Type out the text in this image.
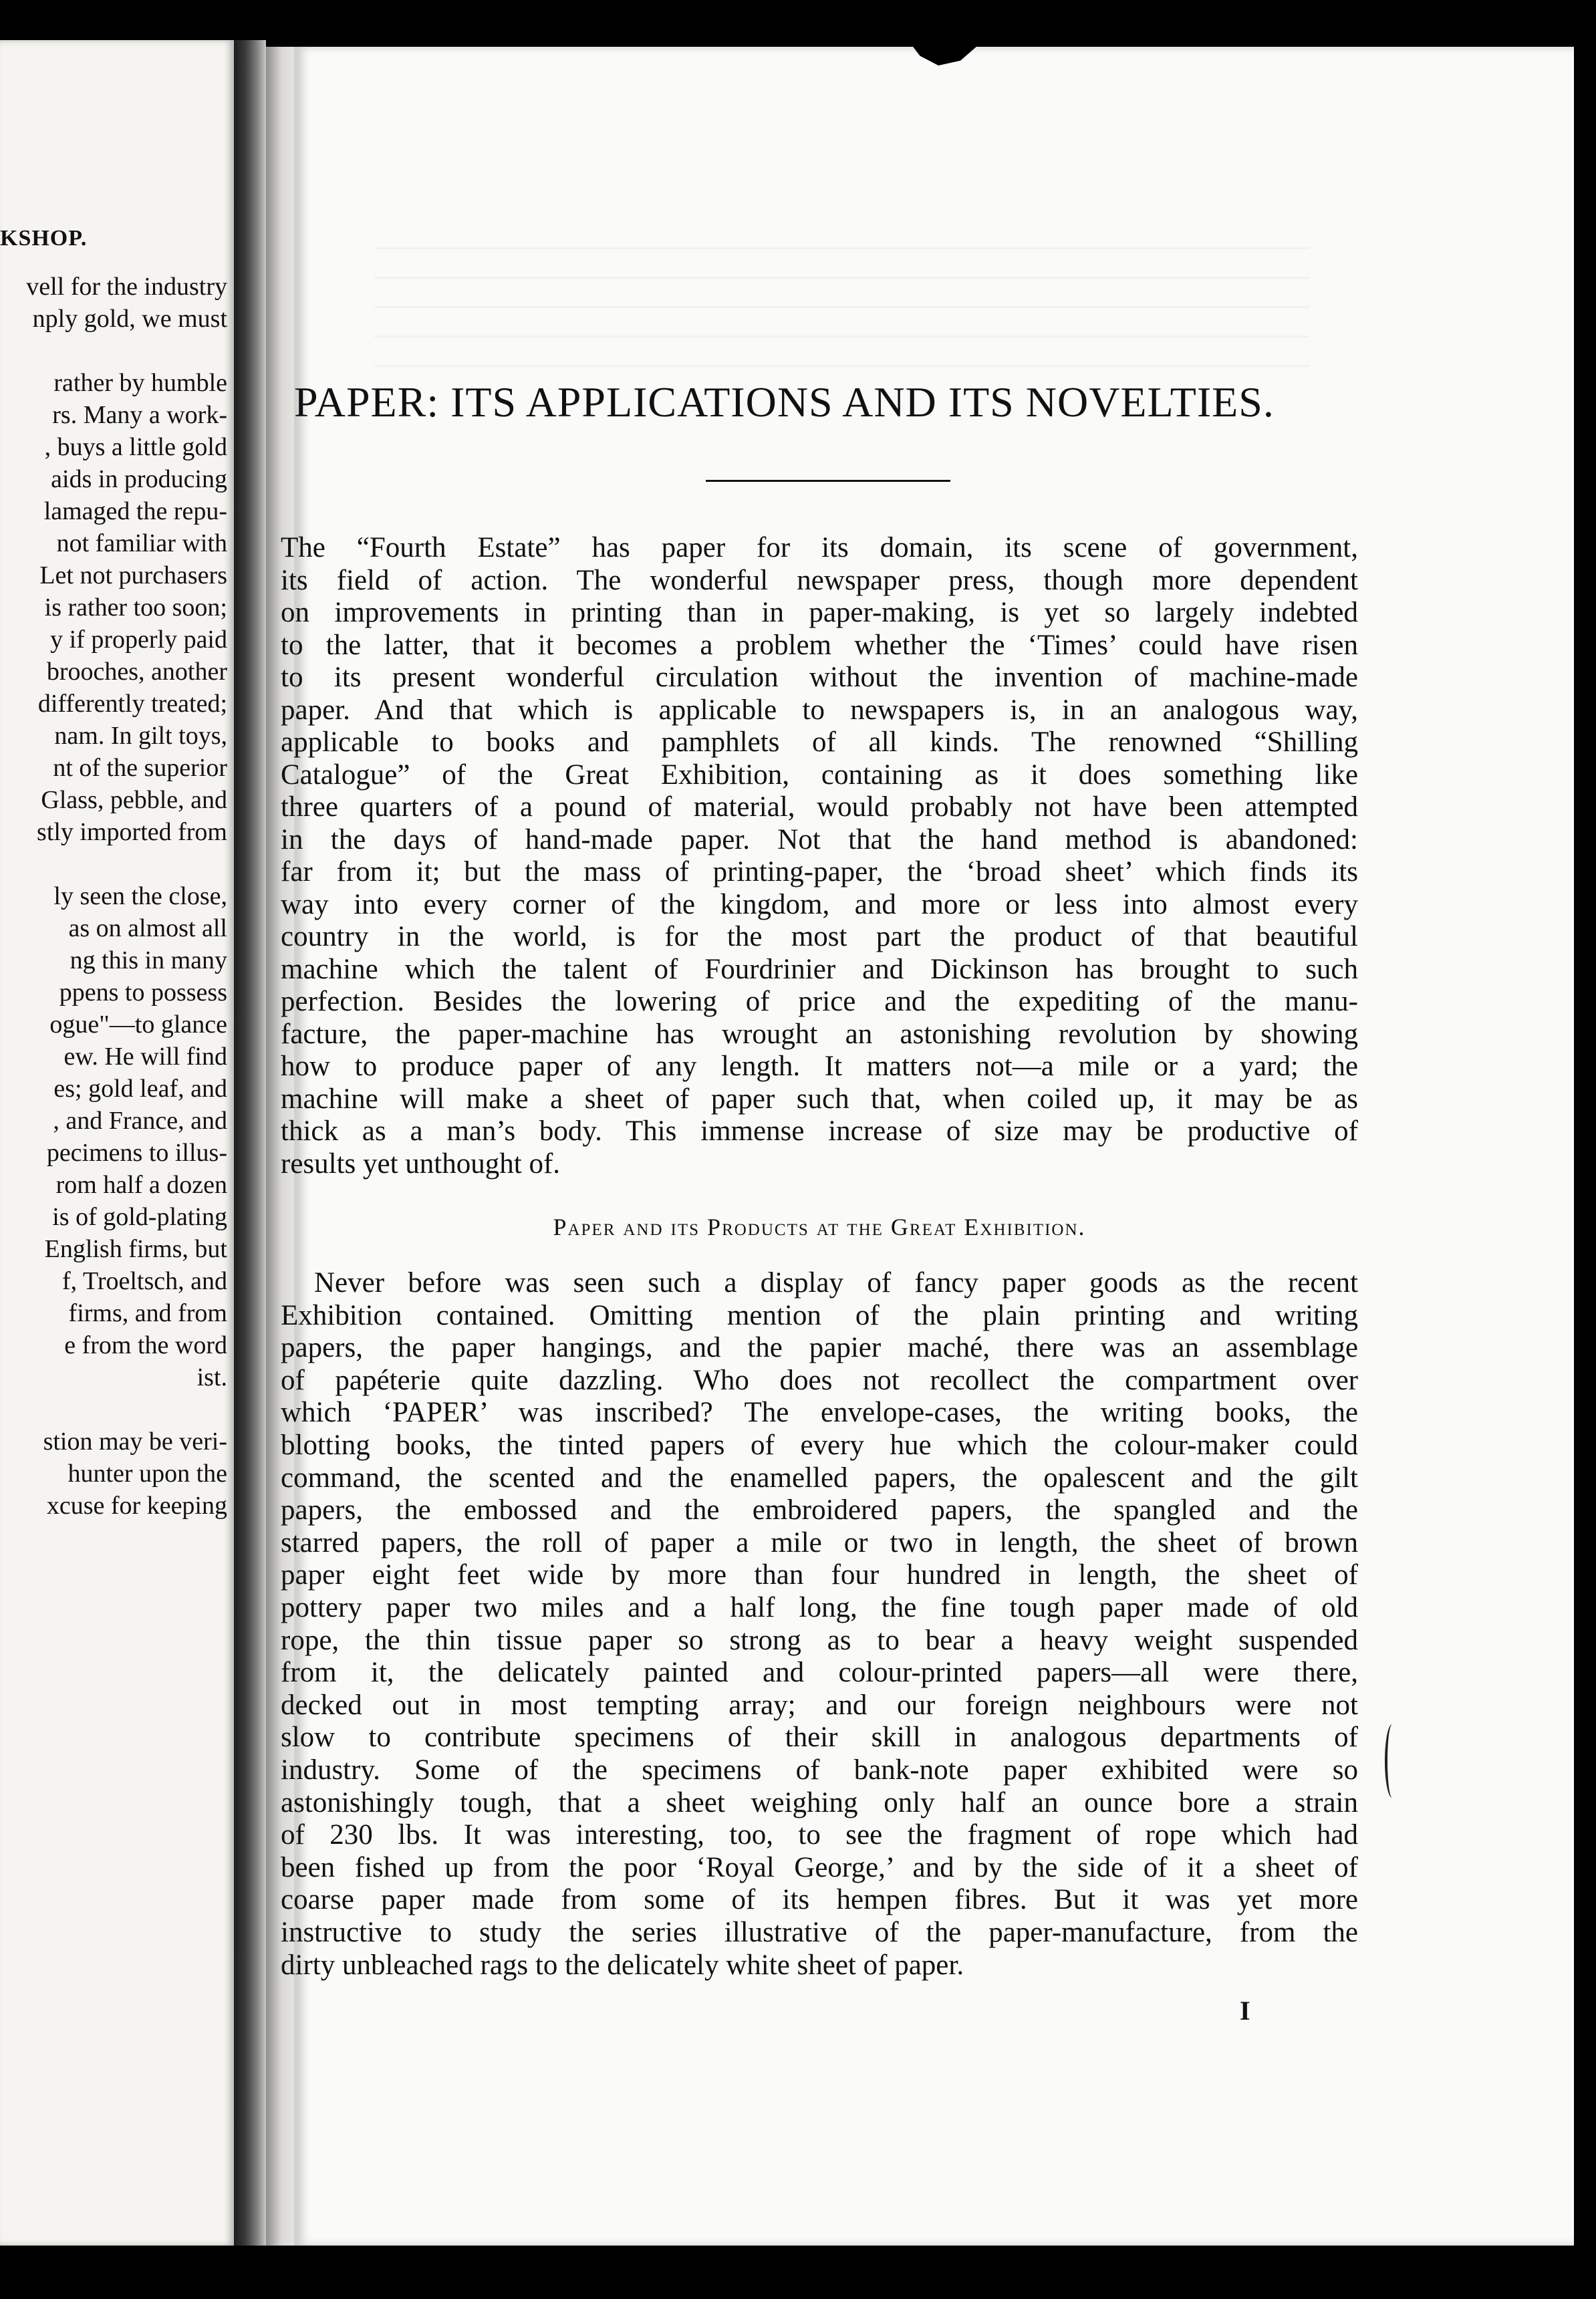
KSHOP.
vell for the industry
nply gold, we must
rather by humble
rs. Many a work-
, buys a little gold
aids in producing
lamaged the repu-
not familiar with
Let not purchasers
is rather too soon;
y if properly paid
brooches, another
differently treated;
nam. In gilt toys,
nt of the superior
Glass, pebble, and
stly imported from
ly seen the close,
as on almost all
ng this in many
ppens to possess
ogue"—to glance
ew. He will find
es; gold leaf, and
, and France, and
pecimens to illus-
rom half a dozen
is of gold-plating
English firms, but
f, Troeltsch, and
firms, and from
e from the word
ist.
stion may be veri-
hunter upon the
xcuse for keeping
PAPER: ITS APPLICATIONS AND ITS NOVELTIES.
The “Fourth Estate” has paper for its domain, its scene of government,
its field of action. The wonderful newspaper press, though more dependent
on improvements in printing than in paper-making, is yet so largely indebted
to the latter, that it becomes a problem whether the ‘Times’ could have risen
to its present wonderful circulation without the invention of machine-made
paper. And that which is applicable to newspapers is, in an analogous way,
applicable to books and pamphlets of all kinds. The renowned “Shilling
Catalogue” of the Great Exhibition, containing as it does something like
three quarters of a pound of material, would probably not have been attempted
in the days of hand-made paper. Not that the hand method is abandoned:
far from it; but the mass of printing-paper, the ‘broad sheet’ which finds its
way into every corner of the kingdom, and more or less into almost every
country in the world, is for the most part the product of that beautiful
machine which the talent of Fourdrinier and Dickinson has brought to such
perfection. Besides the lowering of price and the expediting of the manu-
facture, the paper-machine has wrought an astonishing revolution by showing
how to produce paper of any length. It matters not—a mile or a yard; the
machine will make a sheet of paper such that, when coiled up, it may be as
thick as a man’s body. This immense increase of size may be productive of
results yet unthought of.
Paper and its Products at the Great Exhibition.
Never before was seen such a display of fancy paper goods as the recent
Exhibition contained. Omitting mention of the plain printing and writing
papers, the paper hangings, and the papier maché, there was an assemblage
of papéterie quite dazzling. Who does not recollect the compartment over
which ‘PAPER’ was inscribed? The envelope-cases, the writing books, the
blotting books, the tinted papers of every hue which the colour-maker could
command, the scented and the enamelled papers, the opalescent and the gilt
papers, the embossed and the embroidered papers, the spangled and the
starred papers, the roll of paper a mile or two in length, the sheet of brown
paper eight feet wide by more than four hundred in length, the sheet of
pottery paper two miles and a half long, the fine tough paper made of old
rope, the thin tissue paper so strong as to bear a heavy weight suspended
from it, the delicately painted and colour-printed papers—all were there,
decked out in most tempting array; and our foreign neighbours were not
slow to contribute specimens of their skill in analogous departments of
industry. Some of the specimens of bank-note paper exhibited were so
astonishingly tough, that a sheet weighing only half an ounce bore a strain
of 230 lbs. It was interesting, too, to see the fragment of rope which had
been fished up from the poor ‘Royal George,’ and by the side of it a sheet of
coarse paper made from some of its hempen fibres. But it was yet more
instructive to study the series illustrative of the paper-manufacture, from the
dirty unbleached rags to the delicately white sheet of paper.
I
